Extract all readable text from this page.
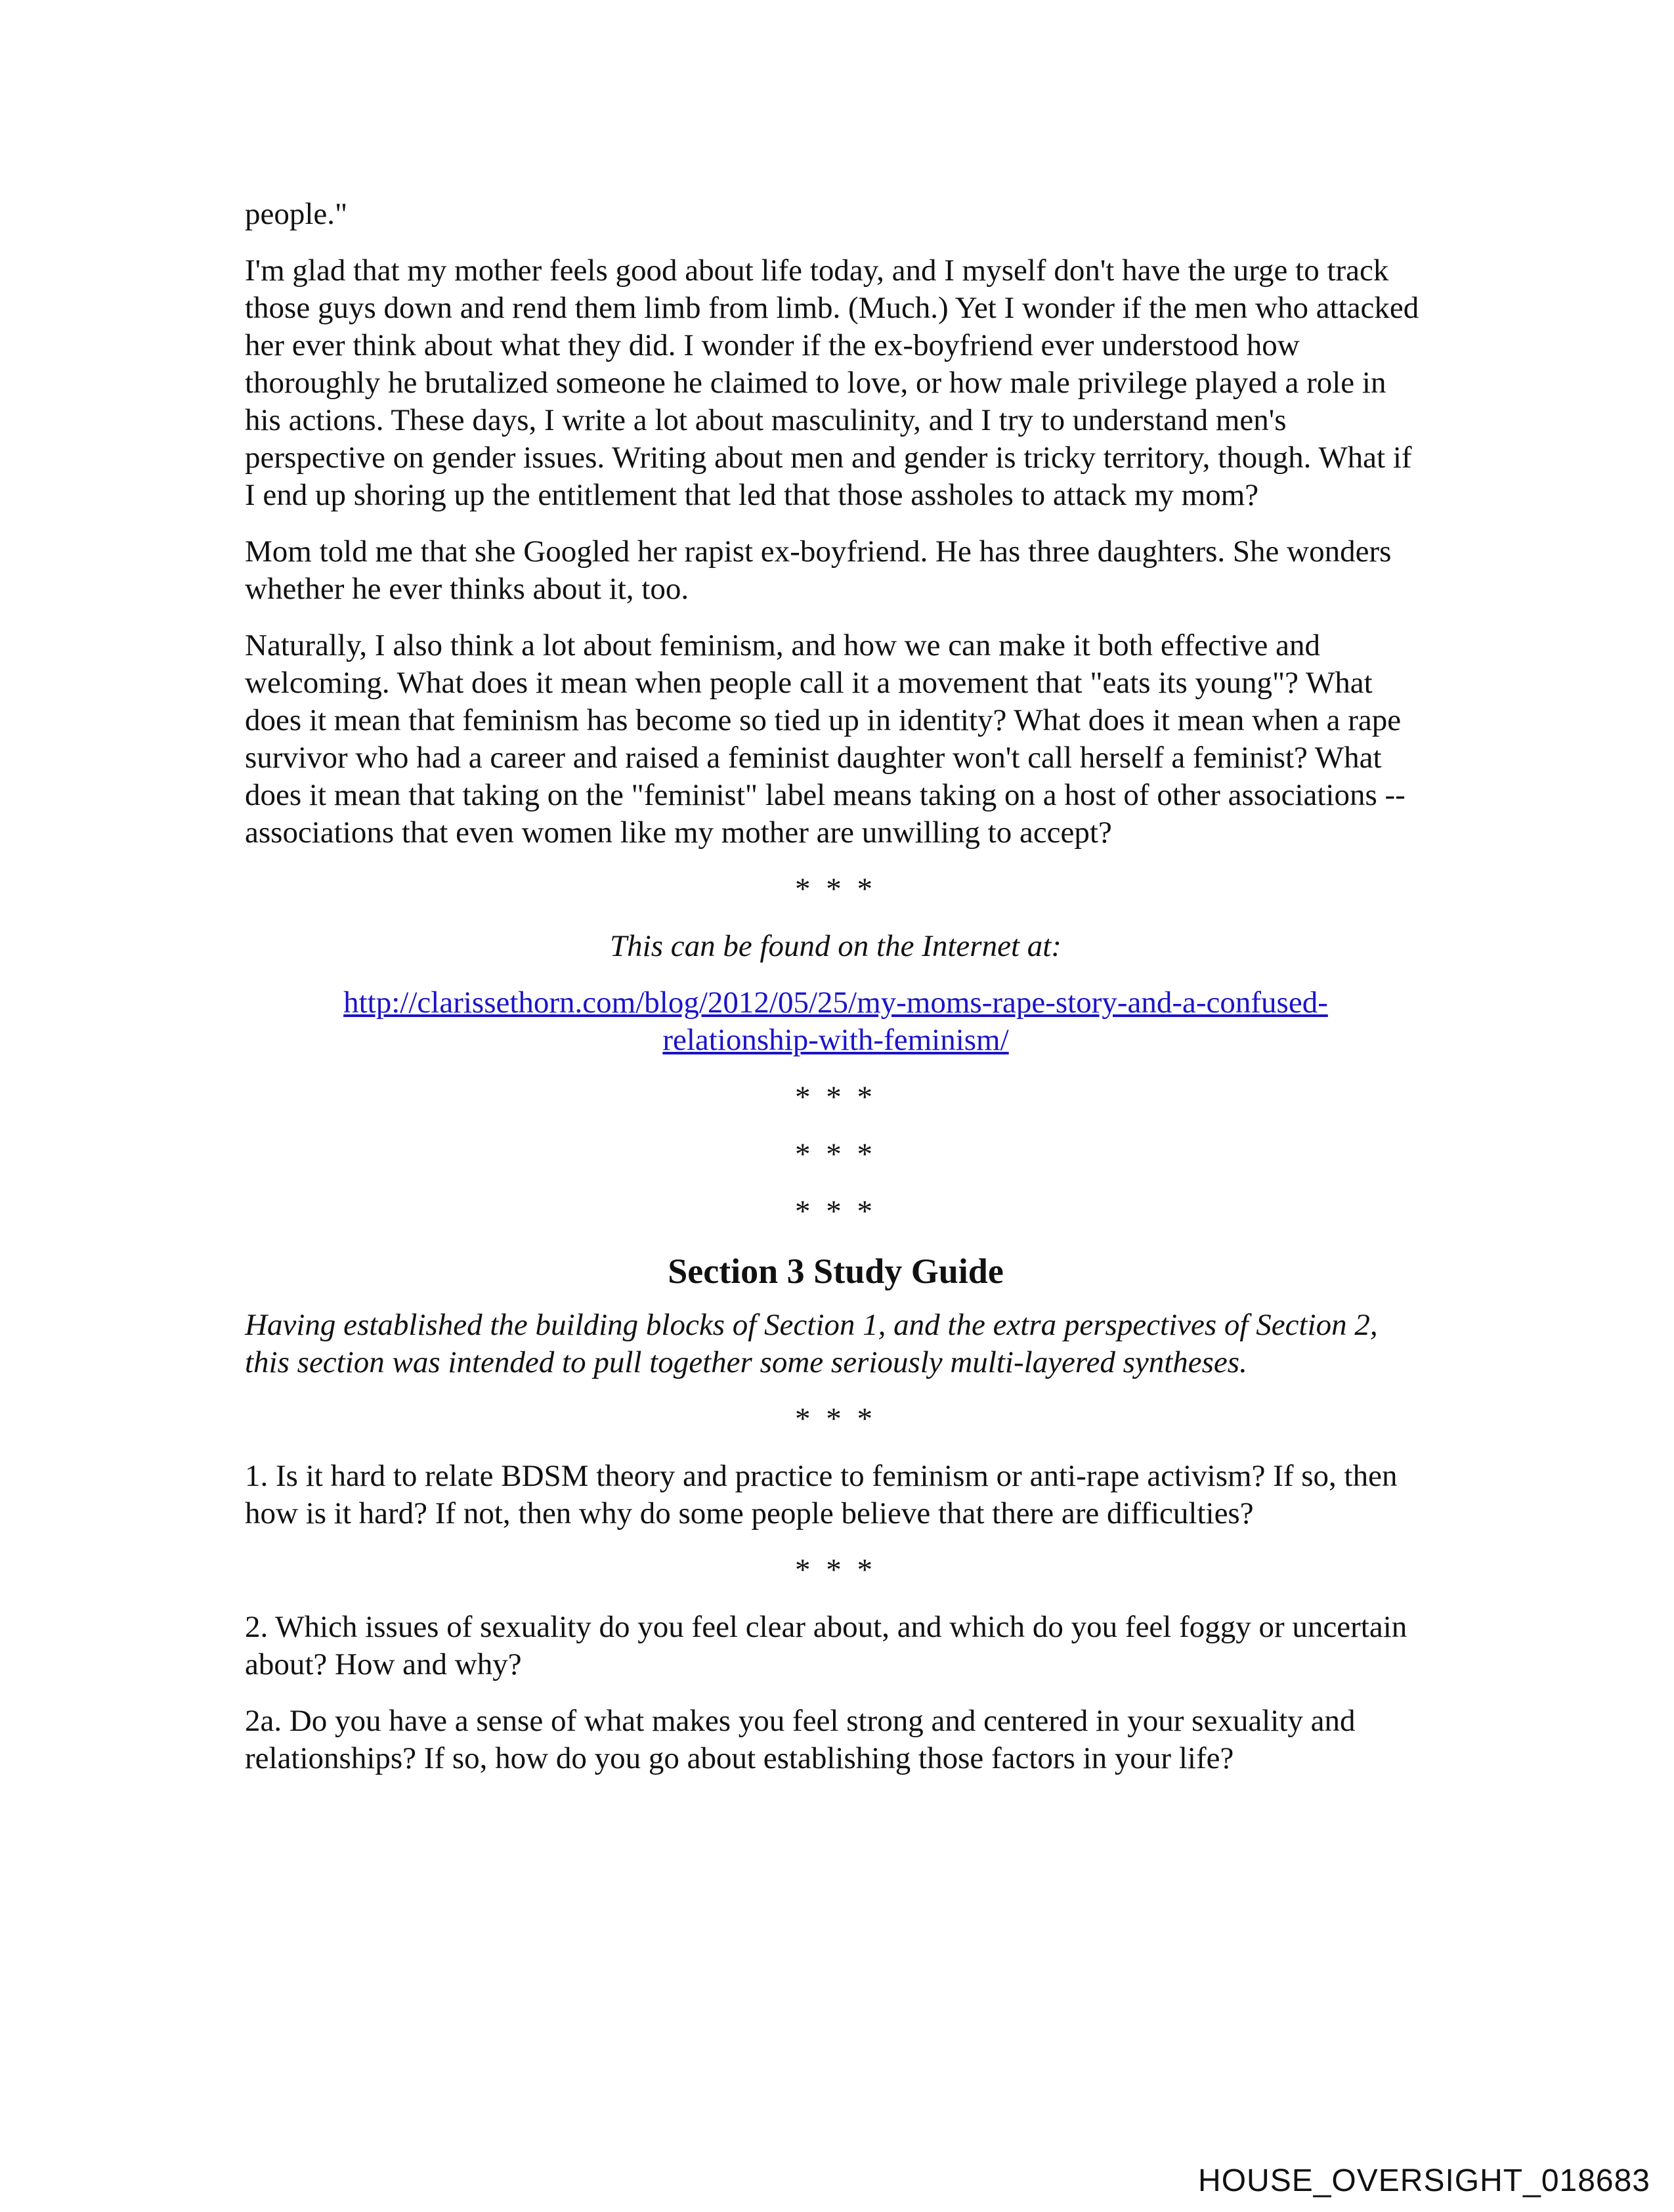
people."

I'm glad that my mother feels good about life today, and I myself don't have the urge to track those guys down and rend them limb from limb. (Much.) Yet I wonder if the men who attacked her ever think about what they did. I wonder if the ex-boyfriend ever understood how thoroughly he brutalized someone he claimed to love, or how male privilege played a role in his actions. These days, I write a lot about masculinity, and I try to understand men's perspective on gender issues. Writing about men and gender is tricky territory, though. What if I end up shoring up the entitlement that led that those assholes to attack my mom?

Mom told me that she Googled her rapist ex-boyfriend. He has three daughters. She wonders whether he ever thinks about it, too.

Naturally, I also think a lot about feminism, and how we can make it both effective and welcoming. What does it mean when people call it a movement that "eats its young"? What does it mean that feminism has become so tied up in identity? What does it mean when a rape survivor who had a career and raised a feminist daughter won't call herself a feminist? What does it mean that taking on the "feminist" label means taking on a host of other associations -- associations that even women like my mother are unwilling to accept?

* * *
This can be found on the Internet at:
http://clarissethorn.com/blog/2012/05/25/my-moms-rape-story-and-a-confused-
relationship-with-feminism/
* * *
* * *
* * *
Section 3 Study Guide

Having established the building blocks of Section 1, and the extra perspectives of Section 2, this section was intended to pull together some seriously multi-layered syntheses.

* * *

1. Is it hard to relate BDSM theory and practice to feminism or anti-rape activism? If so, then how is it hard? If not, then why do some people believe that there are difficulties?

* * *

2. Which issues of sexuality do you feel clear about, and which do you feel foggy or uncertain about? How and why?

2a. Do you have a sense of what makes you feel strong and centered in your sexuality and relationships? If so, how do you go about establishing those factors in your life?

HOUSE_OVERSIGHT_018683
